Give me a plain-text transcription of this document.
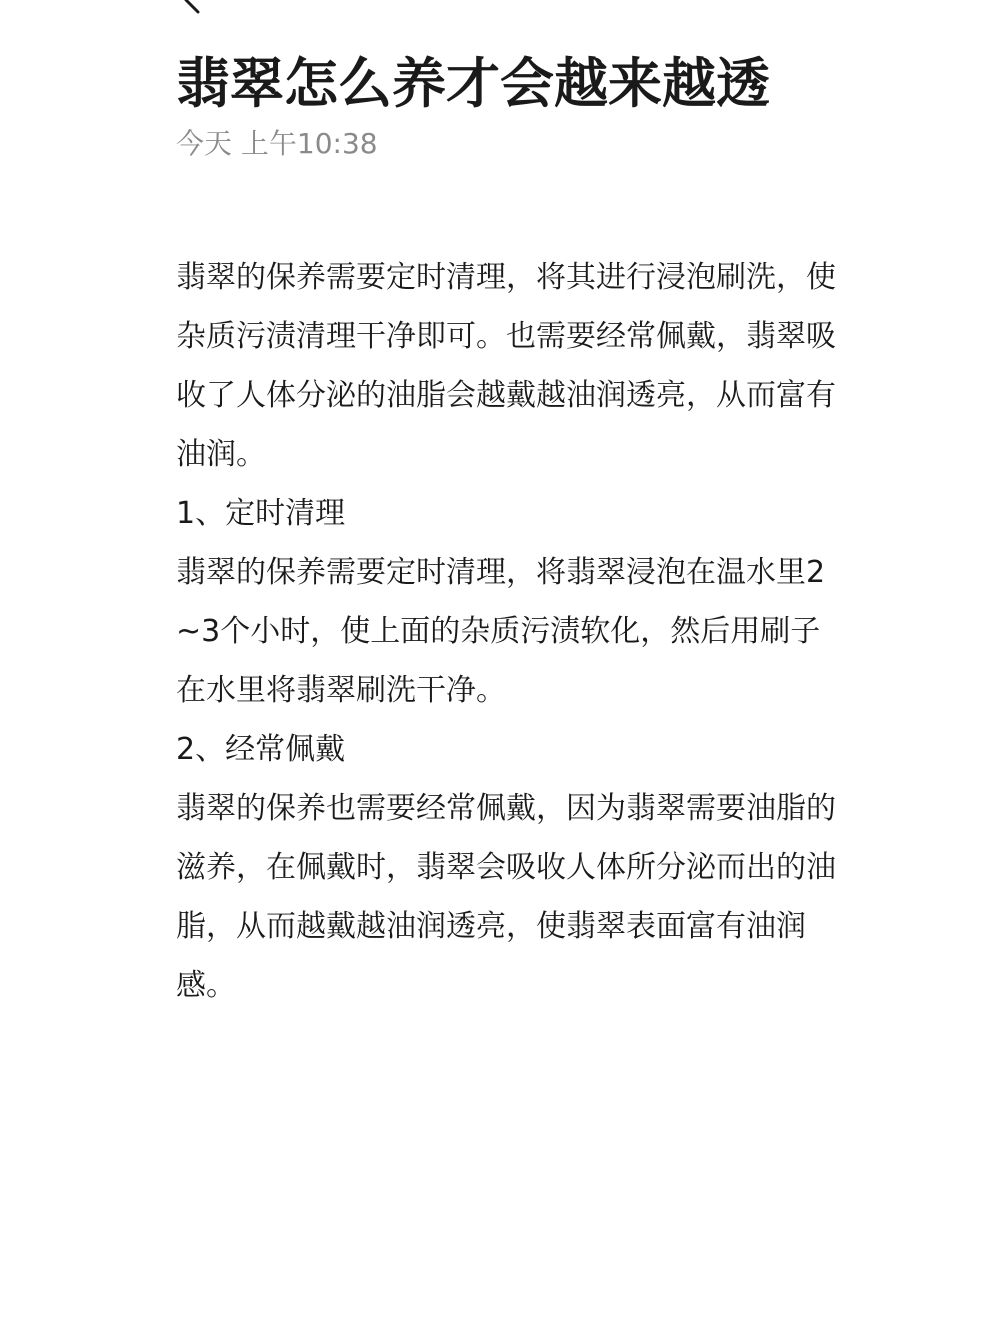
翡翠怎么养才会越来越透
今天 上午10:38

翡翠的保养需要定时清理，将其进行浸泡刷洗，使杂质污渍清理干净即可。也需要经常佩戴，翡翠吸收了人体分泌的油脂会越戴越油润透亮，从而富有油润。

1、定时清理

翡翠的保养需要定时清理，将翡翠浸泡在温水里2~3个小时，使上面的杂质污渍软化，然后用刷子在水里将翡翠刷洗干净。

2、经常佩戴

翡翠的保养也需要经常佩戴，因为翡翠需要油脂的滋养，在佩戴时，翡翠会吸收人体所分泌而出的油脂，从而越戴越油润透亮，使翡翠表面富有油润感。
